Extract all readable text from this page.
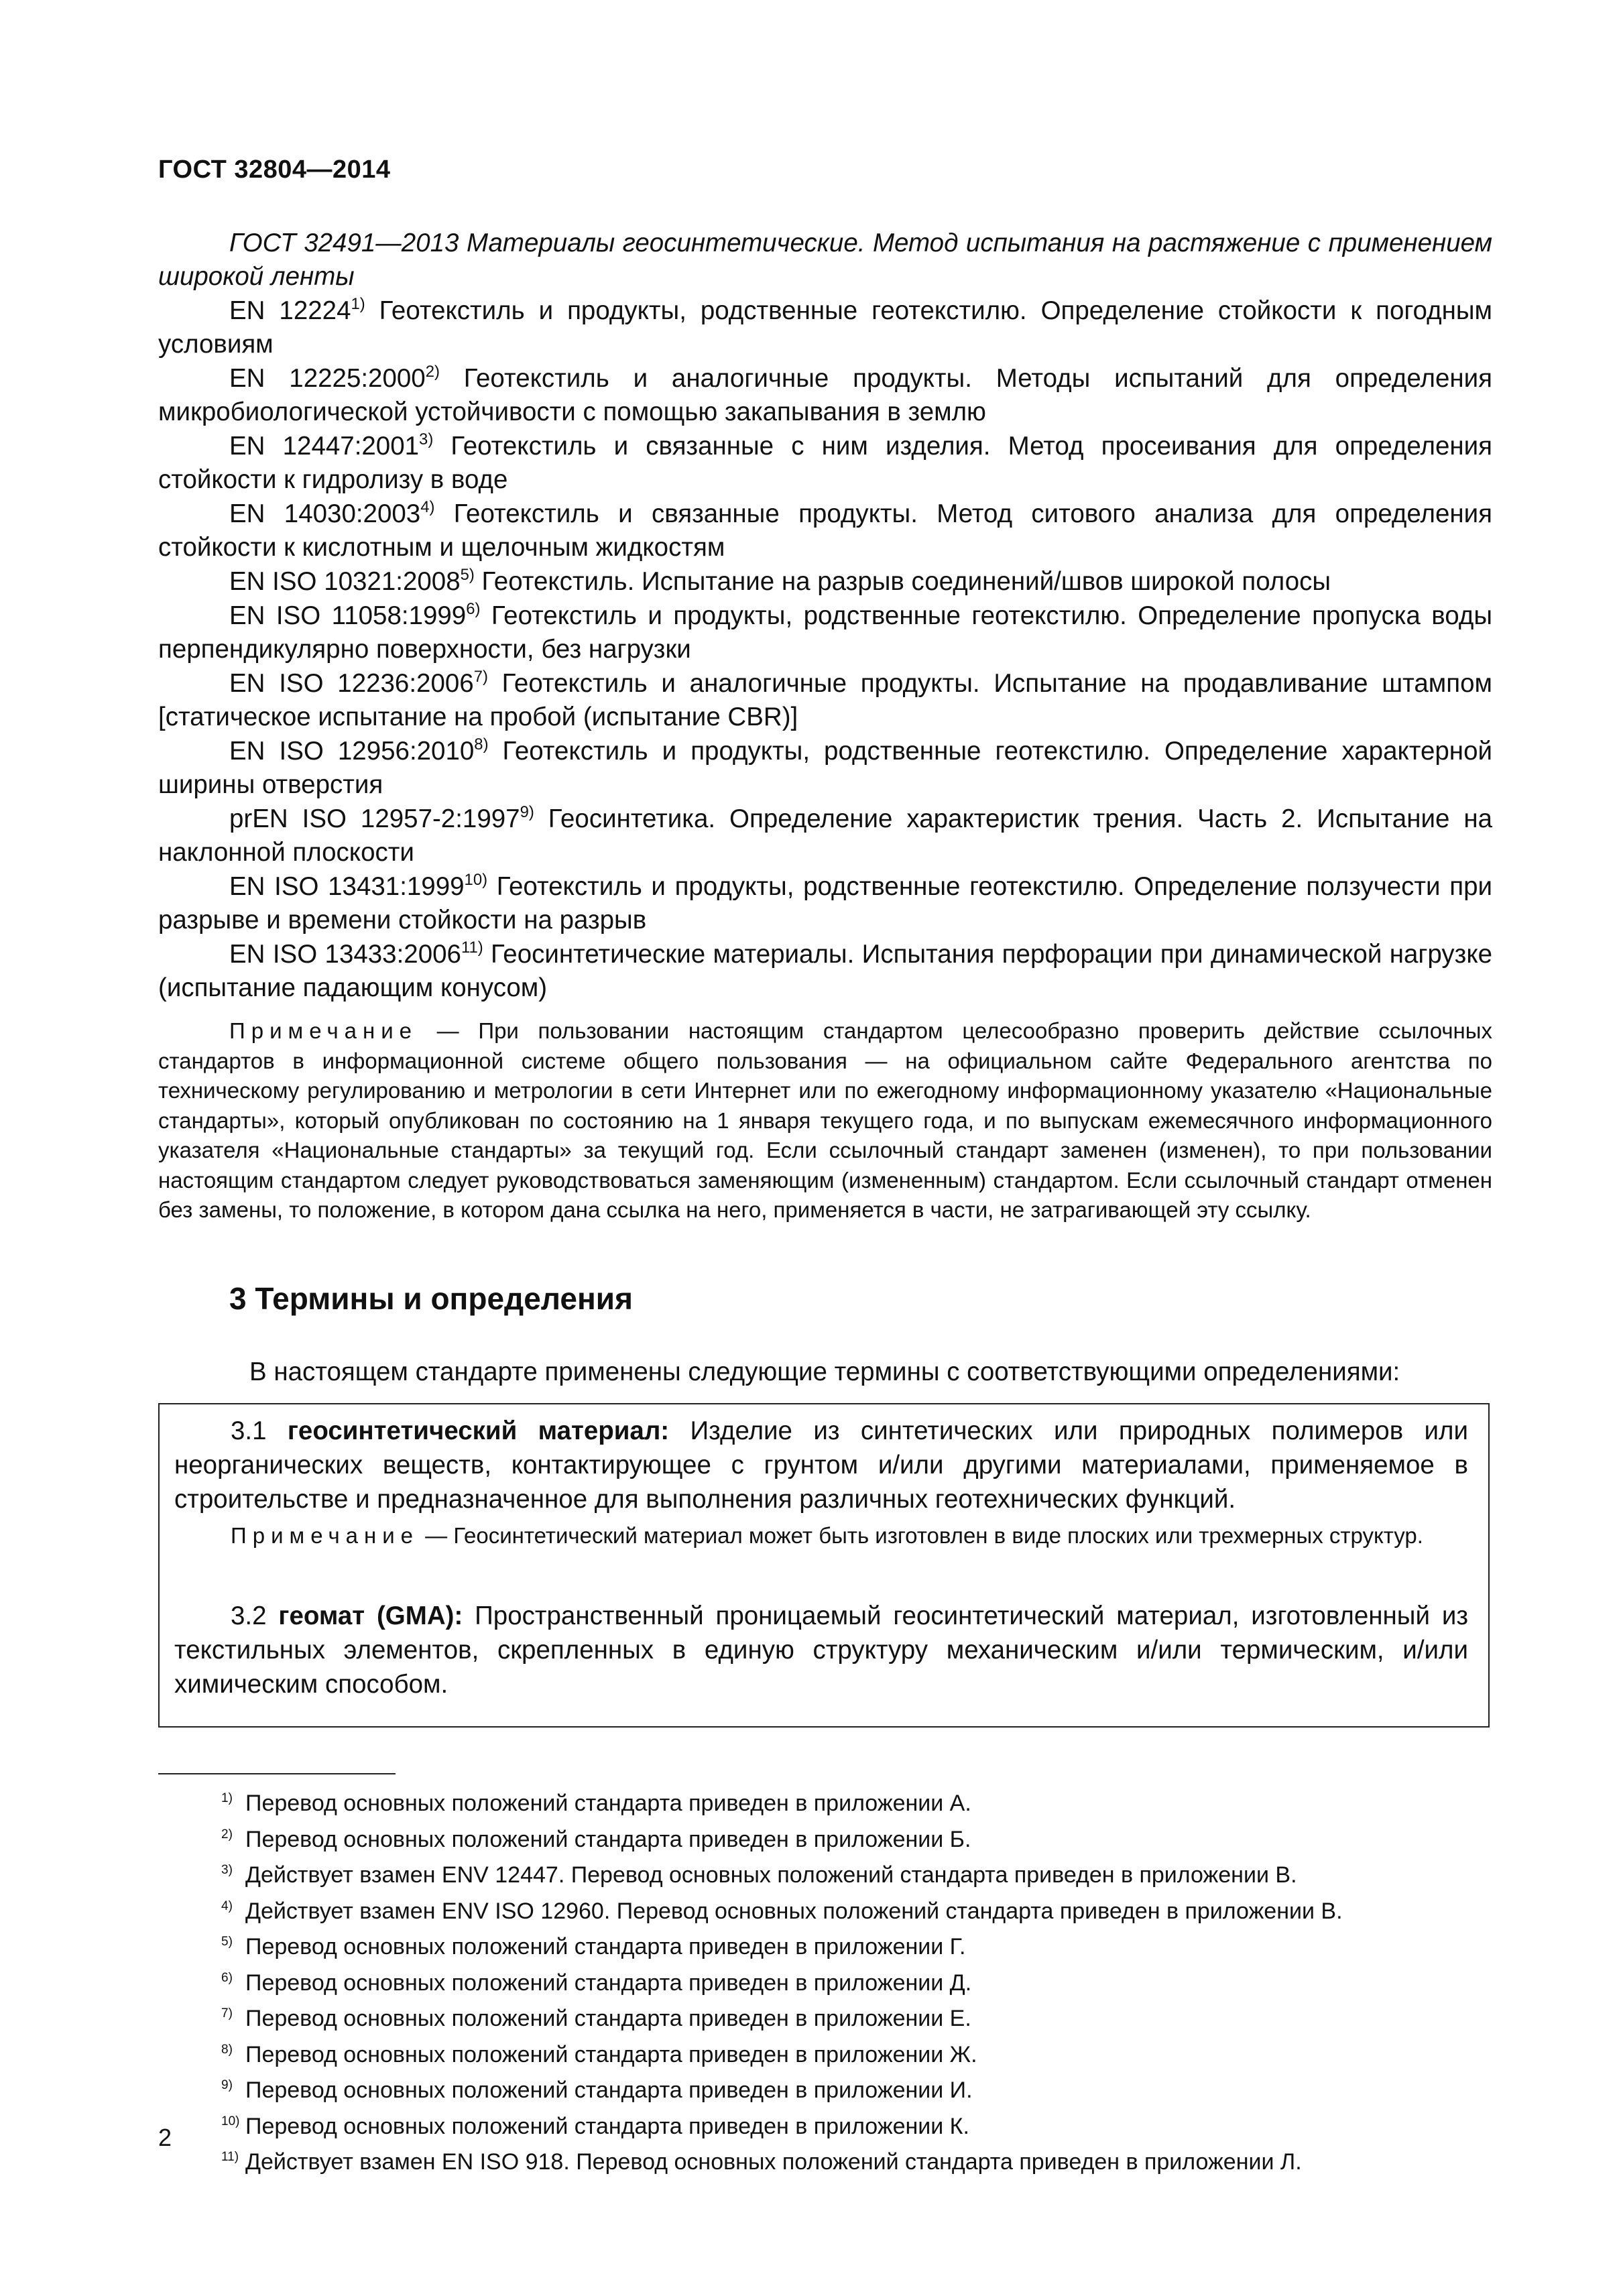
ГОСТ 32804—2014

ГОСТ 32491—2013 Материалы геосинтетические. Метод испытания на растяжение с применением широкой ленты

EN 12224$^{1)}$ Геотекстиль и продукты, родственные геотекстилю. Определение стойкости к погодным условиям

EN 12225:2000$^{2)}$ Геотекстиль и аналогичные продукты. Методы испытаний для определения микробиологической устойчивости с помощью закапывания в землю

EN 12447:2001$^{3)}$ Геотекстиль и связанные с ним изделия. Метод просеивания для определения стойкости к гидролизу в воде

EN 14030:2003$^{4)}$ Геотекстиль и связанные продукты. Метод ситового анализа для определения стойкости к кислотным и щелочным жидкостям

EN ISO 10321:2008$^{5)}$ Геотекстиль. Испытание на разрыв соединений/швов широкой полосы

EN ISO 11058:1999$^{6)}$ Геотекстиль и продукты, родственные геотекстилю. Определение пропуска воды перпендикулярно поверхности, без нагрузки

EN ISO 12236:2006$^{7)}$ Геотекстиль и аналогичные продукты. Испытание на продавливание штампом [статическое испытание на пробой (испытание CBR)]

EN ISO 12956:2010$^{8)}$ Геотекстиль и продукты, родственные геотекстилю. Определение характерной ширины отверстия

prEN ISO 12957-2:1997$^{9)}$ Геосинтетика. Определение характеристик трения. Часть 2. Испытание на наклонной плоскости

EN ISO 13431:1999$^{10)}$ Геотекстиль и продукты, родственные геотекстилю. Определение ползучести при разрыве и времени стойкости на разрыв

EN ISO 13433:2006$^{11)}$ Геосинтетические материалы. Испытания перфорации при динамической нагрузке (испытание падающим конусом)

Примечание — При пользовании настоящим стандартом целесообразно проверить действие ссылочных стандартов в информационной системе общего пользования — на официальном сайте Федерального агентства по техническому регулированию и метрологии в сети Интернет или по ежегодному информационному указателю «Национальные стандарты», который опубликован по состоянию на 1 января текущего года, и по выпускам ежемесячного информационного указателя «Национальные стандарты» за текущий год. Если ссылочный стандарт заменен (изменен), то при пользовании настоящим стандартом следует руководствоваться заменяющим (измененным) стандартом. Если ссылочный стандарт отменен без замены, то положение, в котором дана ссылка на него, применяется в части, не затрагивающей эту ссылку.
3 Термины и определения
В настоящем стандарте применены следующие термины с соответствующими определениями:
3.1 геосинтетический материал: Изделие из синтетических или природных полимеров или неорганических веществ, контактирующее с грунтом и/или другими материалами, применяемое в строительстве и предназначенное для выполнения различных геотехнических функций.
Примечание — Геосинтетический материал может быть изготовлен в виде плоских или трехмерных структур.
3.2 геомат (GMA): Пространственный проницаемый геосинтетический материал, изготовленный из текстильных элементов, скрепленных в единую структуру механическим и/или термическим, и/или химическим способом.
1) Перевод основных положений стандарта приведен в приложении А.
2) Перевод основных положений стандарта приведен в приложении Б.
3) Действует взамен ENV 12447. Перевод основных положений стандарта приведен в приложении В.
4) Действует взамен ENV ISO 12960. Перевод основных положений стандарта приведен в приложении В.
5) Перевод основных положений стандарта приведен в приложении Г.
6) Перевод основных положений стандарта приведен в приложении Д.
7) Перевод основных положений стандарта приведен в приложении Е.
8) Перевод основных положений стандарта приведен в приложении Ж.
9) Перевод основных положений стандарта приведен в приложении И.
10) Перевод основных положений стандарта приведен в приложении К.
11) Действует взамен EN ISO 918. Перевод основных положений стандарта приведен в приложении Л.
2
